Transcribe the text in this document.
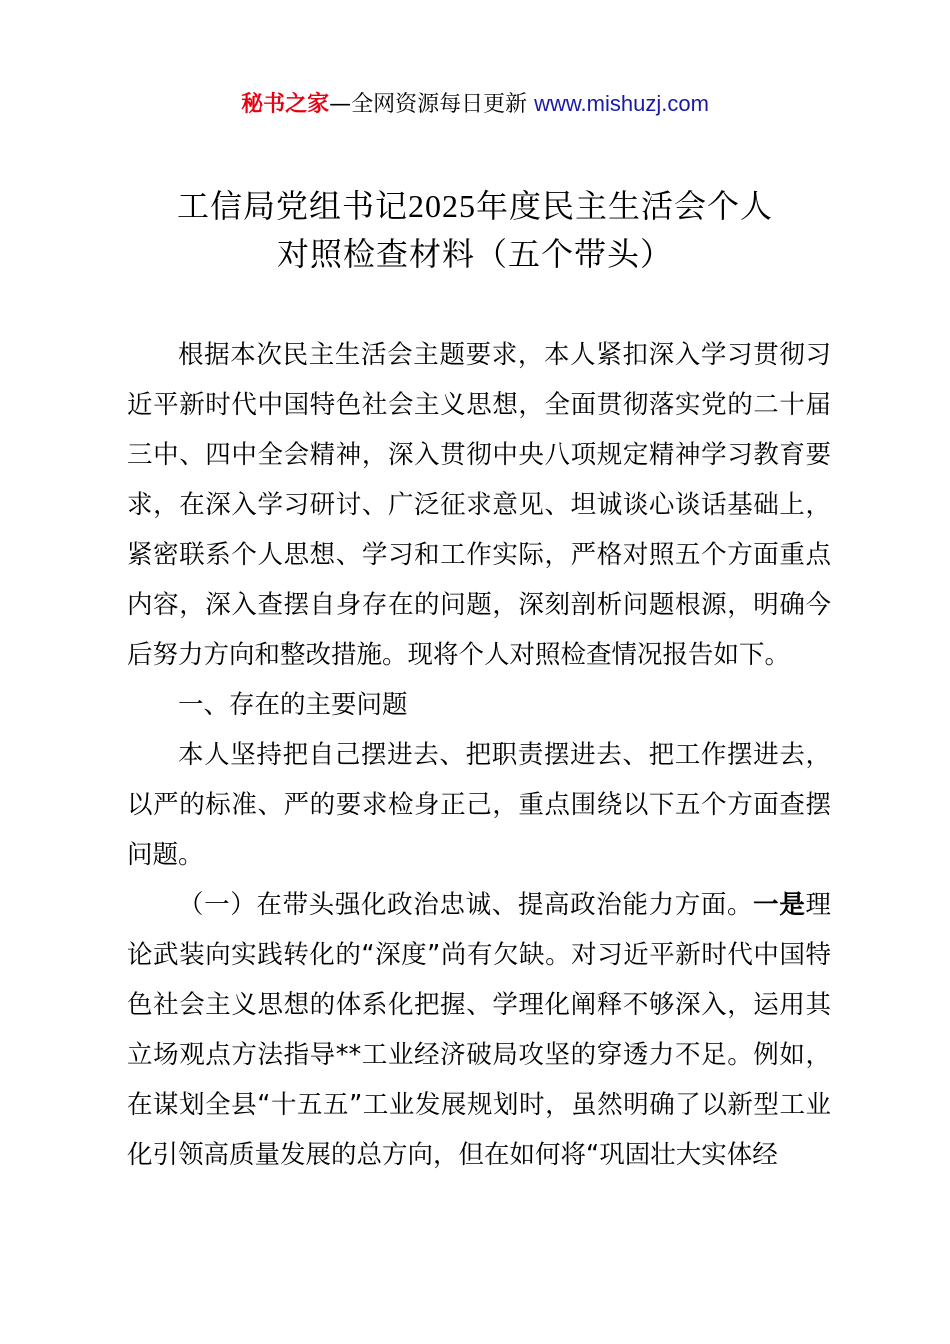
秘书之家—全网资源每日更新 www.mishuzj.com
工信局党组书记2025年度民主生活会个人
对照检查材料（五个带头）

根据本次民主生活会主题要求，本人紧扣深入学习贯彻习近平新时代中国特色社会主义思想，全面贯彻落实党的二十届三中、四中全会精神，深入贯彻中央八项规定精神学习教育要求，在深入学习研讨、广泛征求意见、坦诚谈心谈话基础上，紧密联系个人思想、学习和工作实际，严格对照五个方面重点内容，深入查摆自身存在的问题，深刻剖析问题根源，明确今后努力方向和整改措施。现将个人对照检查情况报告如下。

一、存在的主要问题

本人坚持把自己摆进去、把职责摆进去、把工作摆进去，以严的标准、严的要求检身正己，重点围绕以下五个方面查摆问题。

（一）在带头强化政治忠诚、提高政治能力方面。一是理论武装向实践转化的“深度”尚有欠缺。对习近平新时代中国特色社会主义思想的体系化把握、学理化阐释不够深入，运用其立场观点方法指导**工业经济破局攻坚的穿透力不足。例如，在谋划全县“十五五”工业发展规划时，虽然明确了以新型工业化引领高质量发展的总方向，但在如何将“巩固壮大实体经
